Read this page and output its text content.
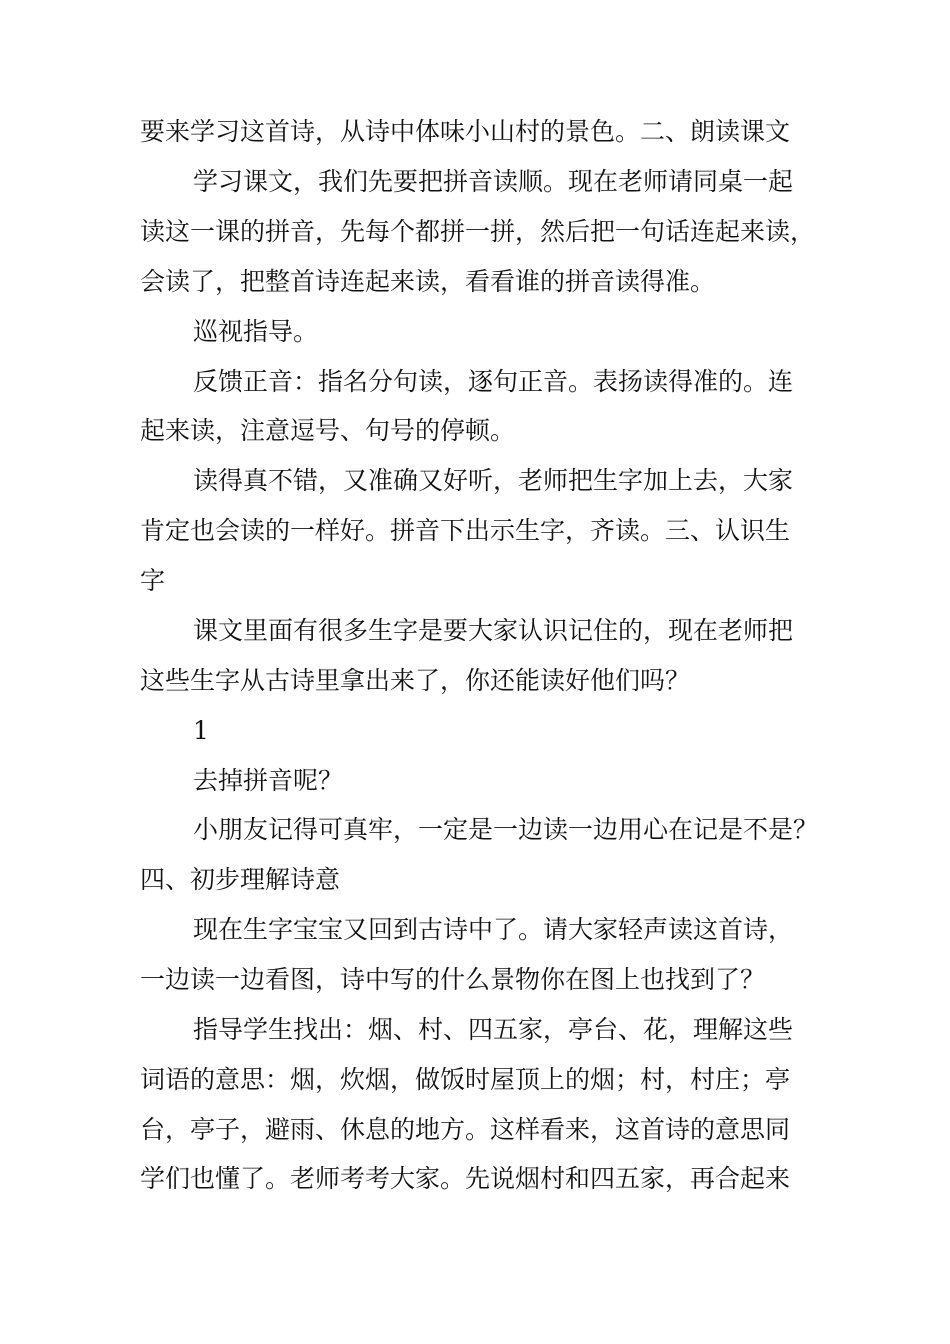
要来学习这首诗，从诗中体味小山村的景色。二、朗读课文
学习课文，我们先要把拼音读顺。现在老师请同桌一起
读这一课的拼音，先每个都拼一拼，然后把一句话连起来读，
会读了，把整首诗连起来读，看看谁的拼音读得准。
巡视指导。
反馈正音：指名分句读，逐句正音。表扬读得准的。连
起来读，注意逗号、句号的停顿。
读得真不错，又准确又好听，老师把生字加上去，大家
肯定也会读的一样好。拼音下出示生字，齐读。三、认识生
字
课文里面有很多生字是要大家认识记住的，现在老师把
这些生字从古诗里拿出来了，你还能读好他们吗？
1
去掉拼音呢？
小朋友记得可真牢，一定是一边读一边用心在记是不是？
四、初步理解诗意
现在生字宝宝又回到古诗中了。请大家轻声读这首诗，
一边读一边看图，诗中写的什么景物你在图上也找到了？
指导学生找出：烟、村、四五家，亭台、花，理解这些
词语的意思：烟，炊烟，做饭时屋顶上的烟；村，村庄；亭
台，亭子，避雨、休息的地方。这样看来，这首诗的意思同
学们也懂了。老师考考大家。先说烟村和四五家，再合起来
